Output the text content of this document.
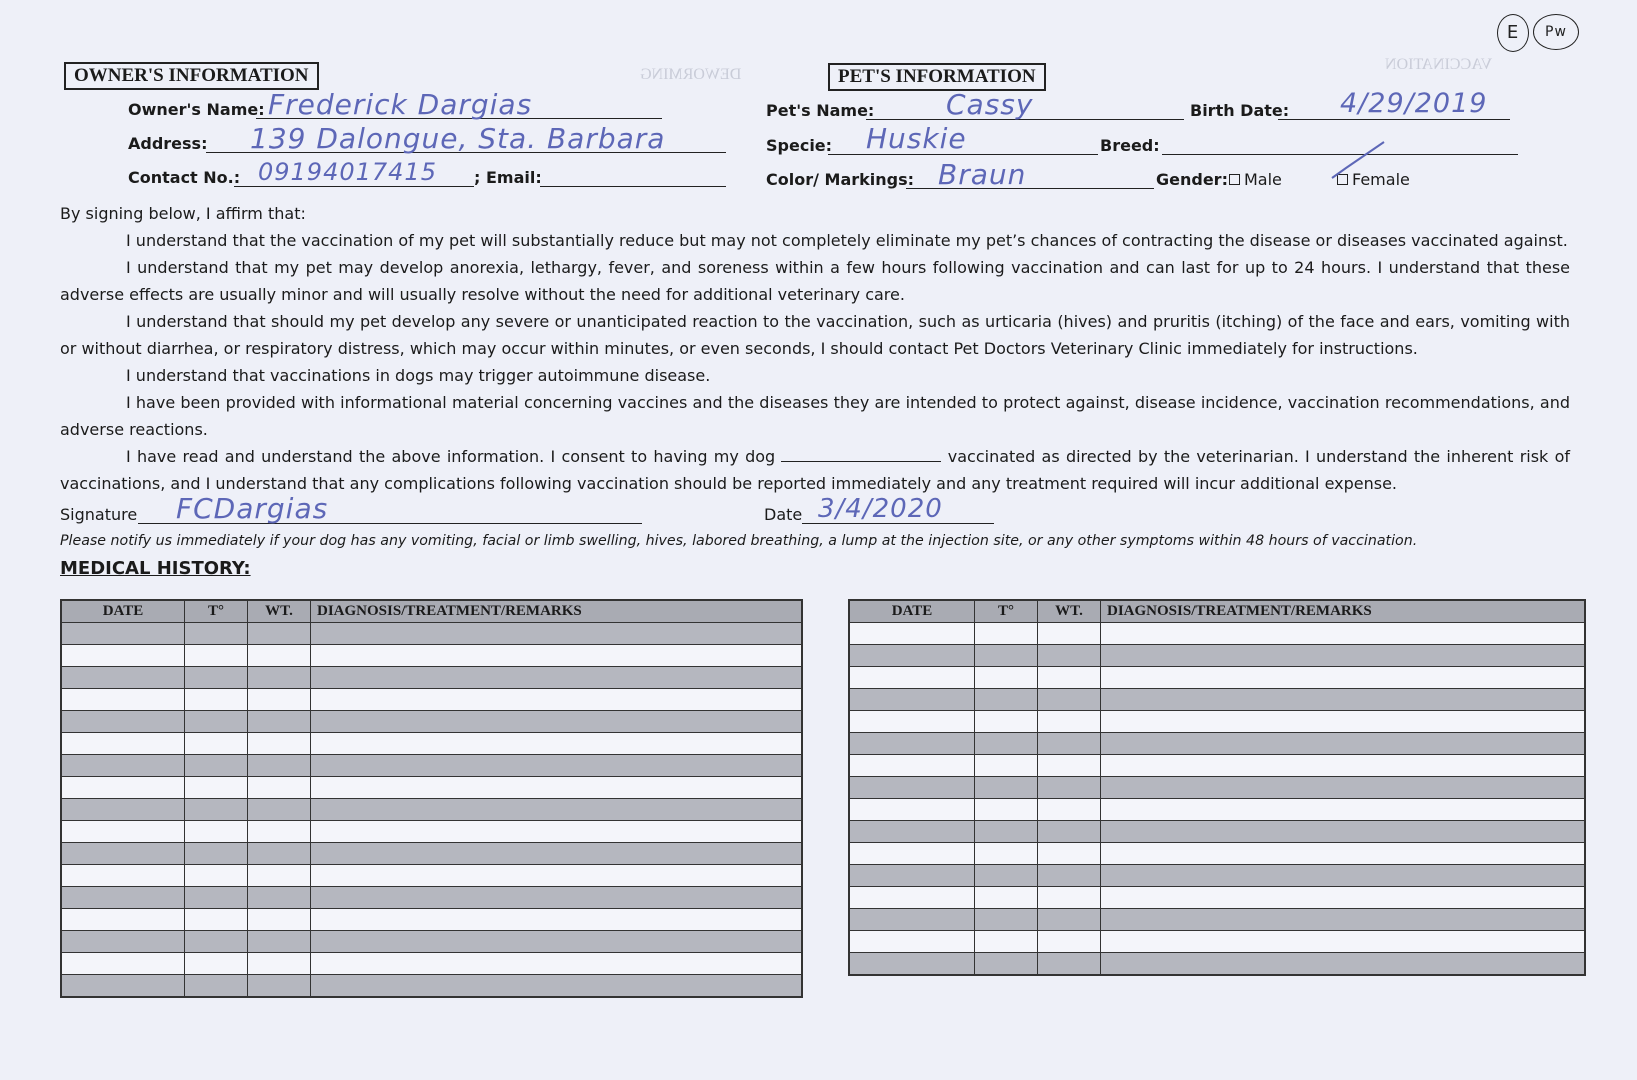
DEWORMING
VACCINATION
E	Pw
OWNER'S INFORMATION
Owner's Name: Frederick Dargias
Address: 139 Dalongue, Sta. Barbara
Contact No.: 09194017415 ; Email:
PET'S INFORMATION
Pet's Name:	Cassy	Birth Date: 4/29/2019
Specie: Huskie	Breed:
Color/ Markings: Braun	Gender:	Male	Female
By signing below, I affirm that:
I understand that the vaccination of my pet will substantially reduce but may not completely eliminate my pet’s chances of contracting the disease or diseases vaccinated against.
I understand that my pet may develop anorexia, lethargy, fever, and soreness within a few hours following vaccination and can last for up to 24 hours. I understand that these adverse effects are usually minor and will usually resolve without the need for additional veterinary care.
I understand that should my pet develop any severe or unanticipated reaction to the vaccination, such as urticaria (hives) and pruritis (itching) of the face and ears, vomiting with or without diarrhea, or respiratory distress, which may occur within minutes, or even seconds, I should contact Pet Doctors Veterinary Clinic immediately for instructions.
I understand that vaccinations in dogs may trigger autoimmune disease.
I have been provided with informational material concerning vaccines and the diseases they are intended to protect against, disease incidence, vaccination recommendations, and adverse reactions.
I have read and understand the above information. I consent to having my dog	vaccinated as directed by the veterinarian. I understand the inherent risk of vaccinations, and I understand that any complications following vaccination should be reported immediately and any treatment required will incur additional expense.
Signature FCDargias	Date 3/4/2020
Please notify us immediately if your dog has any vomiting, facial or limb swelling, hives, labored breathing, a lump at the injection site, or any other symptoms within 48 hours of vaccination.
MEDICAL HISTORY:
DATE	T°	WT.	DIAGNOSIS/TREATMENT/REMARKS

				DATE	T°	WT.	DIAGNOSIS/TREATMENT/REMARKS
